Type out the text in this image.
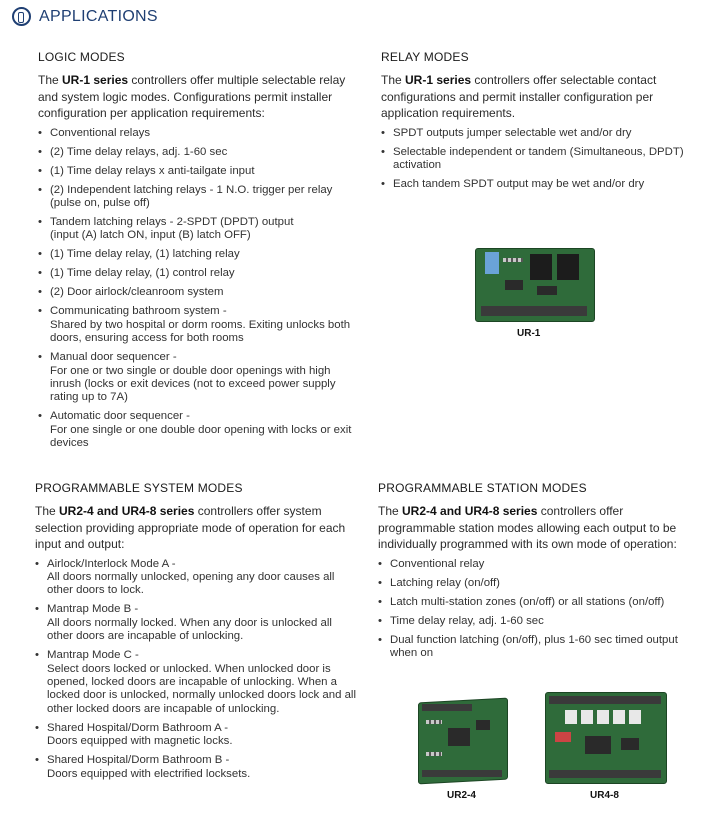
APPLICATIONS
LOGIC MODES

The UR-1 series controllers offer multiple selectable relay and system logic modes. Configurations permit installer configuration per application requirements:

• Conventional relays
• (2) Time delay relays, adj. 1-60 sec
• (1) Time delay relays x anti-tailgate input
• (2) Independent latching relays - 1 N.O. trigger per relay
(pulse on, pulse off)
• Tandem latching relays - 2-SPDT (DPDT) output
(input (A) latch ON, input (B) latch OFF)
• (1) Time delay relay, (1) latching relay
• (1) Time delay relay, (1) control relay
• (2) Door airlock/cleanroom system
• Communicating bathroom system -
Shared by two hospital or dorm rooms. Exiting unlocks both doors, ensuring access for both rooms
• Manual door sequencer -
For one or two single or double door openings with high inrush (locks or exit devices (not to exceed power supply rating up to 7A)
• Automatic door sequencer -
For one single or one double door opening with locks or exit devices
RELAY MODES

The UR-1 series controllers offer selectable contact configurations and permit installer configuration per application requirements.

• SPDT outputs jumper selectable wet and/or dry
• Selectable independent or tandem (Simultaneous, DPDT) activation
• Each tandem SPDT output may be wet and/or dry
UR-1
PROGRAMMABLE SYSTEM MODES

The UR2-4 and UR4-8 series controllers offer system selection providing appropriate mode of operation for each input and output:

• Airlock/Interlock Mode A -
All doors normally unlocked, opening any door causes all other doors to lock.
• Mantrap Mode B -
All doors normally locked. When any door is unlocked all other doors are incapable of unlocking.
• Mantrap Mode C -
Select doors locked or unlocked. When unlocked door is opened, locked doors are incapable of unlocking. When a locked door is unlocked, normally unlocked doors lock and all other locked doors are incapable of unlocking.
• Shared Hospital/Dorm Bathroom A -
Doors equipped with magnetic locks.
• Shared Hospital/Dorm Bathroom B -
Doors equipped with electrified locksets.
PROGRAMMABLE STATION MODES

The UR2-4 and UR4-8 series controllers offer programmable station modes allowing each output to be individually programmed with its own mode of operation:

• Conventional relay
• Latching relay (on/off)
• Latch multi-station zones (on/off) or all stations (on/off)
• Time delay relay, adj. 1-60 sec
• Dual function latching (on/off), plus 1-60 sec timed output
when on
UR2-4	UR4-8
